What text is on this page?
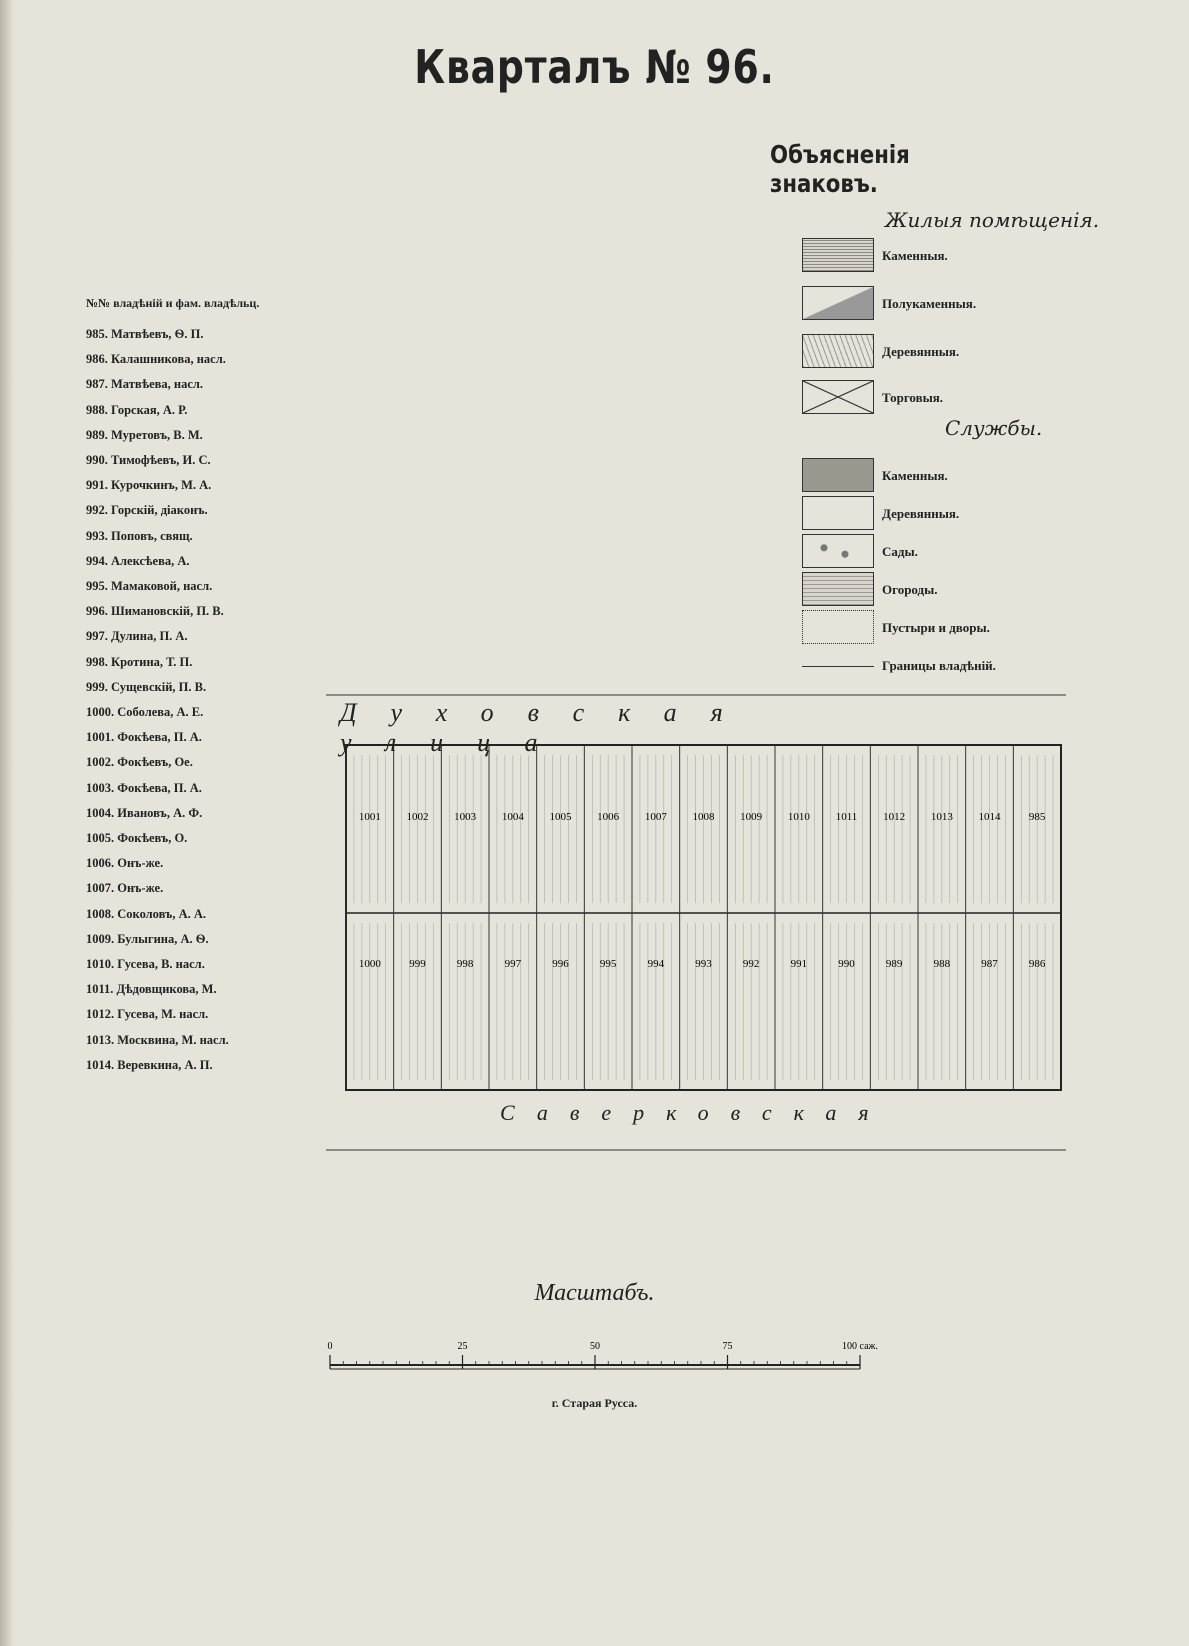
Кварталъ № 96.
Объясненія знаковъ.
Жилыя помѣщенія.
Каменныя.
Полукаменныя.
Деревянныя.
Торговыя.
Службы.
Каменныя.
Деревянныя.
Сады.
Огороды.
Пустыри и дворы.
Границы владѣній.
№№ владѣній и фам. владѣльц.
985. Матвѣевъ, Ѳ. П.
986. Калашникова, насл.
987. Матвѣева, насл.
988. Горская, А. Р.
989. Муретовъ, В. М.
990. Тимофѣевъ, И. С.
991. Курочкинъ, М. А.
992. Горскій, діаконъ.
993. Поповъ, свящ.
994. Алексѣева, А.
995. Мамаковой, насл.
996. Шимановскій, П. В.
997. Дулина, П. А.
998. Кротина, Т. П.
999. Сущевскій, П. В.
1000. Соболева, А. Е.
1001. Фокѣева, П. А.
1002. Фокѣевъ, Ое.
1003. Фокѣева, П. А.
1004. Ивановъ, А. Ф.
1005. Фокѣевъ, О.
1006. Онъ-же.
1007. Онъ-же.
1008. Соколовъ, А. А.
1009. Булыгина, А. Ѳ.
1010. Гусева, В. насл.
1011. Дѣдовщикова, М.
1012. Гусева, М. насл.
1013. Москвина, М. насл.
1014. Веревкина, А. П.
1001 1002 1003 1004 1005 1006 1007 1008 1009 1010 1011 1012 1013 1014	985
1000	999	998	997	996	995	994	993	992	991	990	989	988	987	986
Духовская улица
Саверковская
Масштабъ.
0	25	50	75	100 саж.
г. Старая Русса.
